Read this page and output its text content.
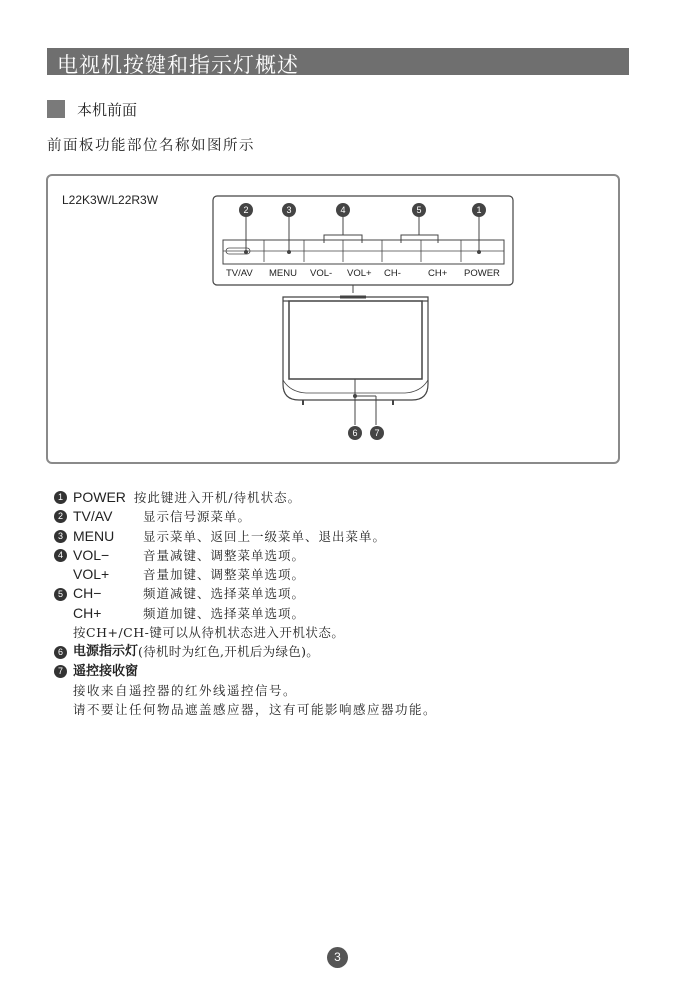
电视机按键和指示灯概述
本机前面
前面板功能部位名称如图所示
L22K3W/L22R3W
2	3	4	5	1
6 7
TV/AV MENU VOL- VOL+ CH-	CH+ POWER
1 POWER 按此键进入开机/待机状态。
2 TV/AV	显示信号源菜单。
3 MENU	显示菜单、返回上一级菜单、退出菜单。
4 VOL−	音量减键、调整菜单选项。
VOL+	音量加键、调整菜单选项。
5 CH−	频道减键、选择菜单选项。
CH+	频道加键、选择菜单选项。
按CH+/CH-键可以从待机状态进入开机状态。
6 电源指示灯 (待机时为红色,开机后为绿色)。
7 遥控接收窗
接收来自遥控器的红外线遥控信号。
请不要让任何物品遮盖感应器，这有可能影响感应器功能。
3
